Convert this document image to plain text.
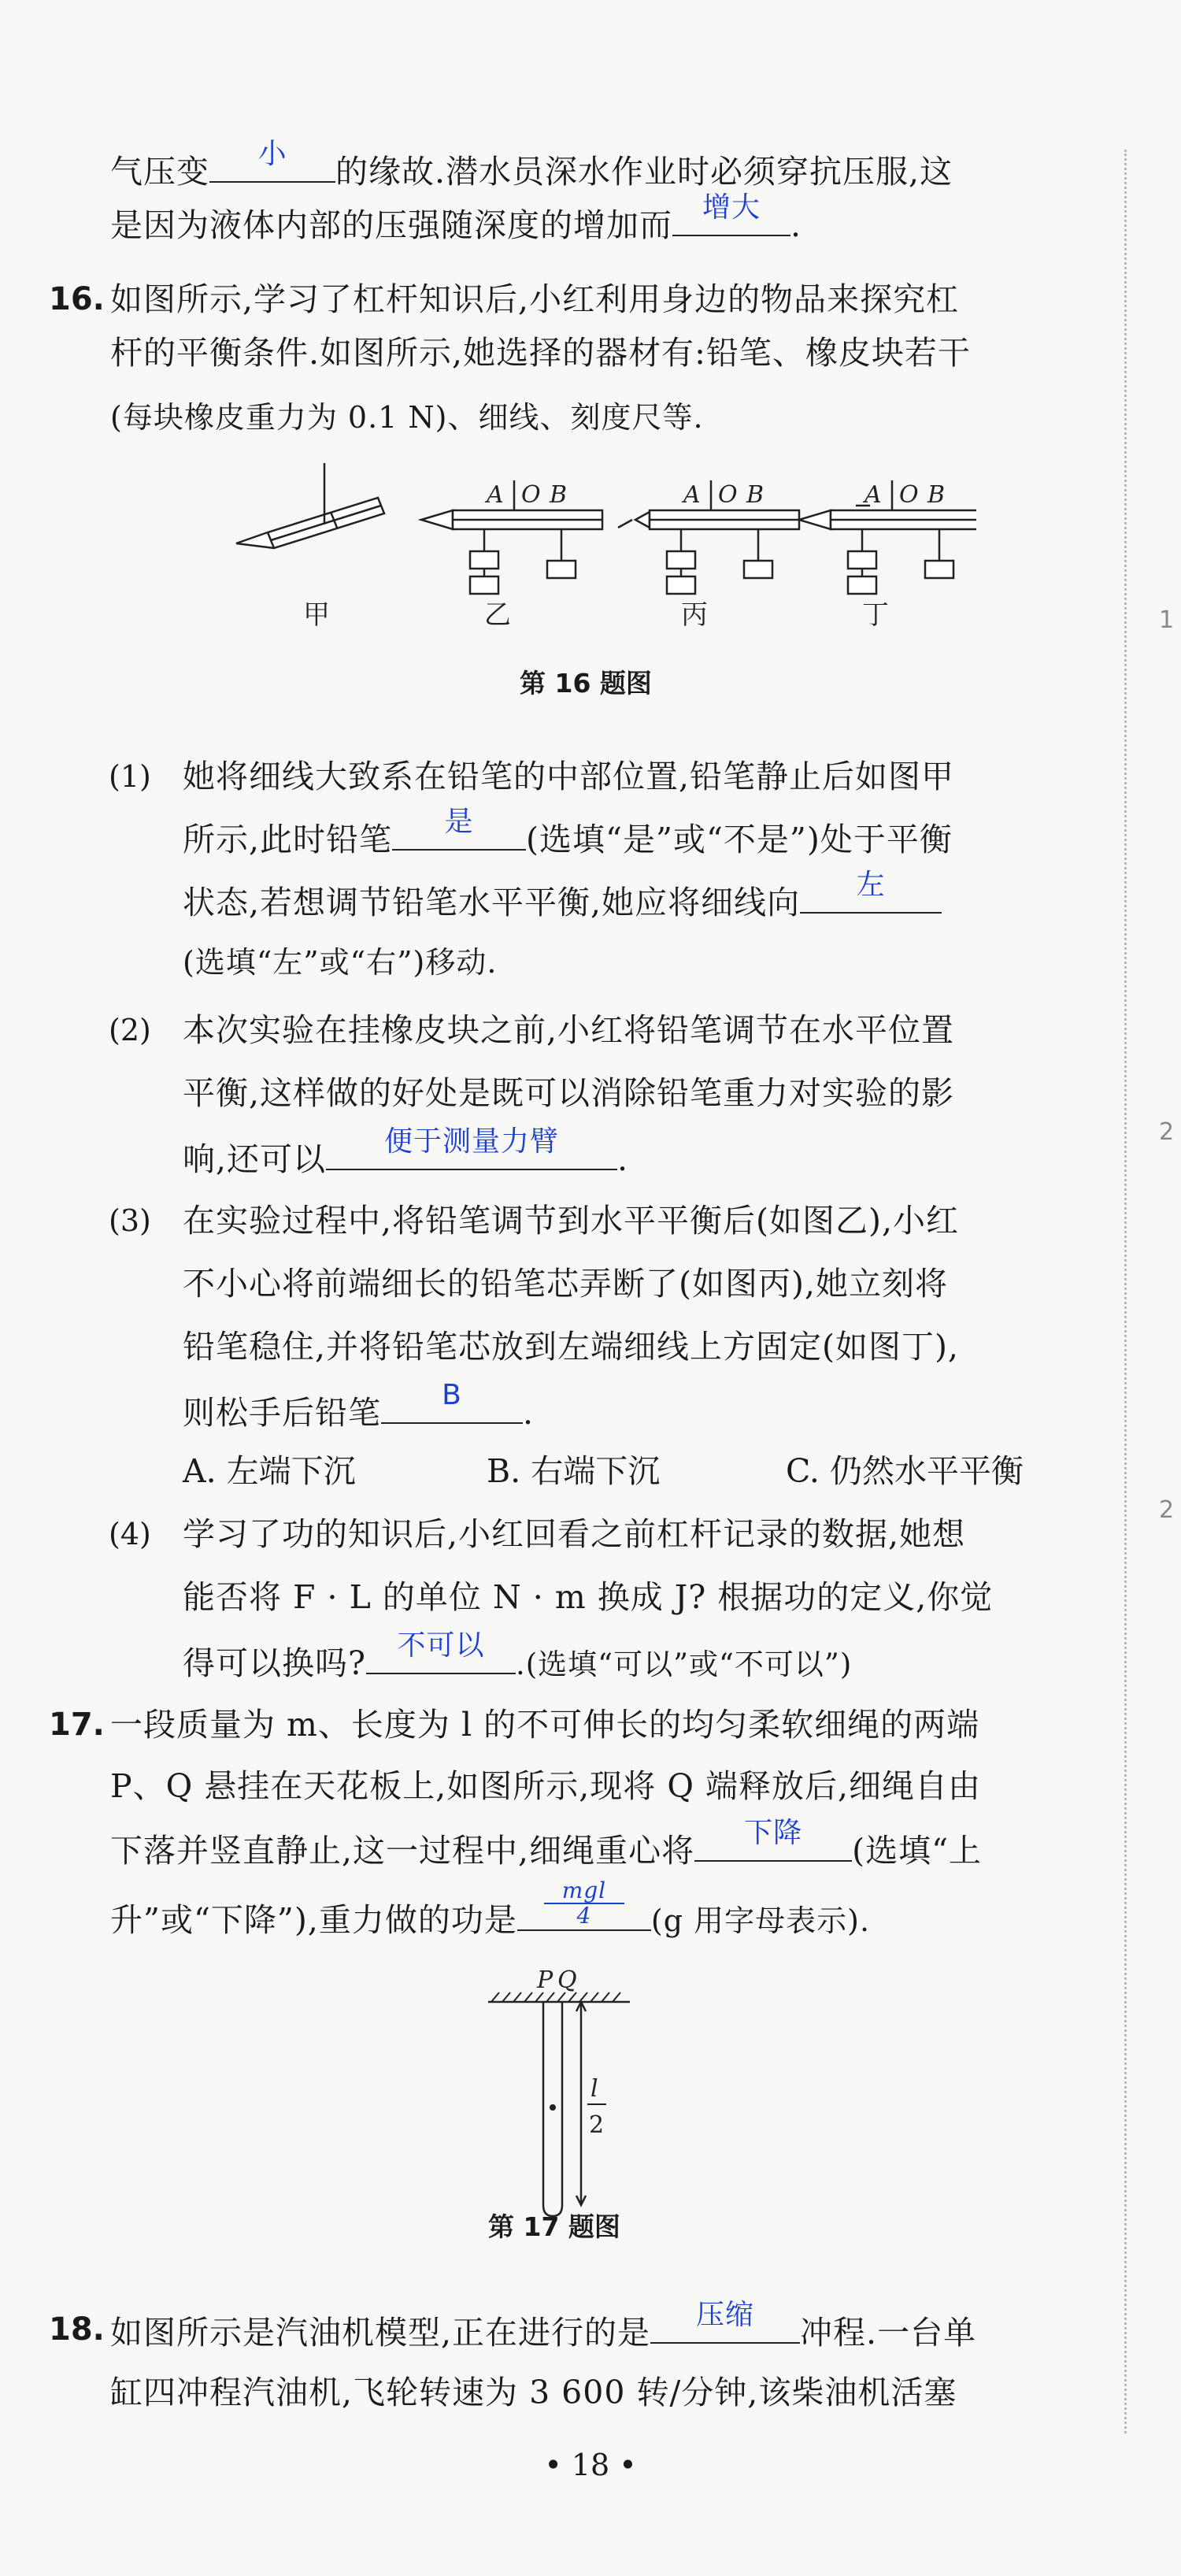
1
2
2
气压变	小	的缘故.潜水员深水作业时必须穿抗压服,这
是因为液体内部的压强随深度的增加而	增大 .
16. 如图所示,学习了杠杆知识后,小红利用身边的物品来探究杠
杆的平衡条件.如图所示,她选择的器材有:铅笔、橡皮块若干
(每块橡皮重力为 0.1 N)、细线、刻度尺等.
A O B	A O B	A O B
甲	乙	丙	丁
第 16 题图
(1) 她将细线大致系在铅笔的中部位置,铅笔静止后如图甲
所示,此时铅笔	是	(选填“是”或“不是”)处于平衡
状态,若想调节铅笔水平平衡,她应将细线向	左
(选填“左”或“右”)移动.
(2) 本次实验在挂橡皮块之前,小红将铅笔调节在水平位置
平衡,这样做的好处是既可以消除铅笔重力对实验的影
响,还可以	便于测量力臂	.
(3) 在实验过程中,将铅笔调节到水平平衡后(如图乙),小红
不小心将前端细长的铅笔芯弄断了(如图丙),她立刻将
铅笔稳住,并将铅笔芯放到左端细线上方固定(如图丁),
则松手后铅笔	B	.
A. 左端下沉	B. 右端下沉	C. 仍然水平平衡
(4) 学习了功的知识后,小红回看之前杠杆记录的数据,她想
能否将 F · L 的单位 N · m 换成 J? 根据功的定义,你觉
得可以换吗?	不可以
.(选填“可以”或“不可以”)
17. 一段质量为 m、长度为 l 的不可伸长的均匀柔软细绳的两端
P、Q 悬挂在天花板上,如图所示,现将 Q 端释放后,细绳自由
下落并竖直静止,这一过程中,细绳重心将	下降	(选填“上
升”或“下降”),重力做的功是
mgl
4	(g 用字母表示).
P Q
l
2
第 17 题图
18. 如图所示是汽油机模型,正在进行的是	压缩	冲程.一台单
缸四冲程汽油机,飞轮转速为 3 600 转/分钟,该柴油机活塞
• 18 •
